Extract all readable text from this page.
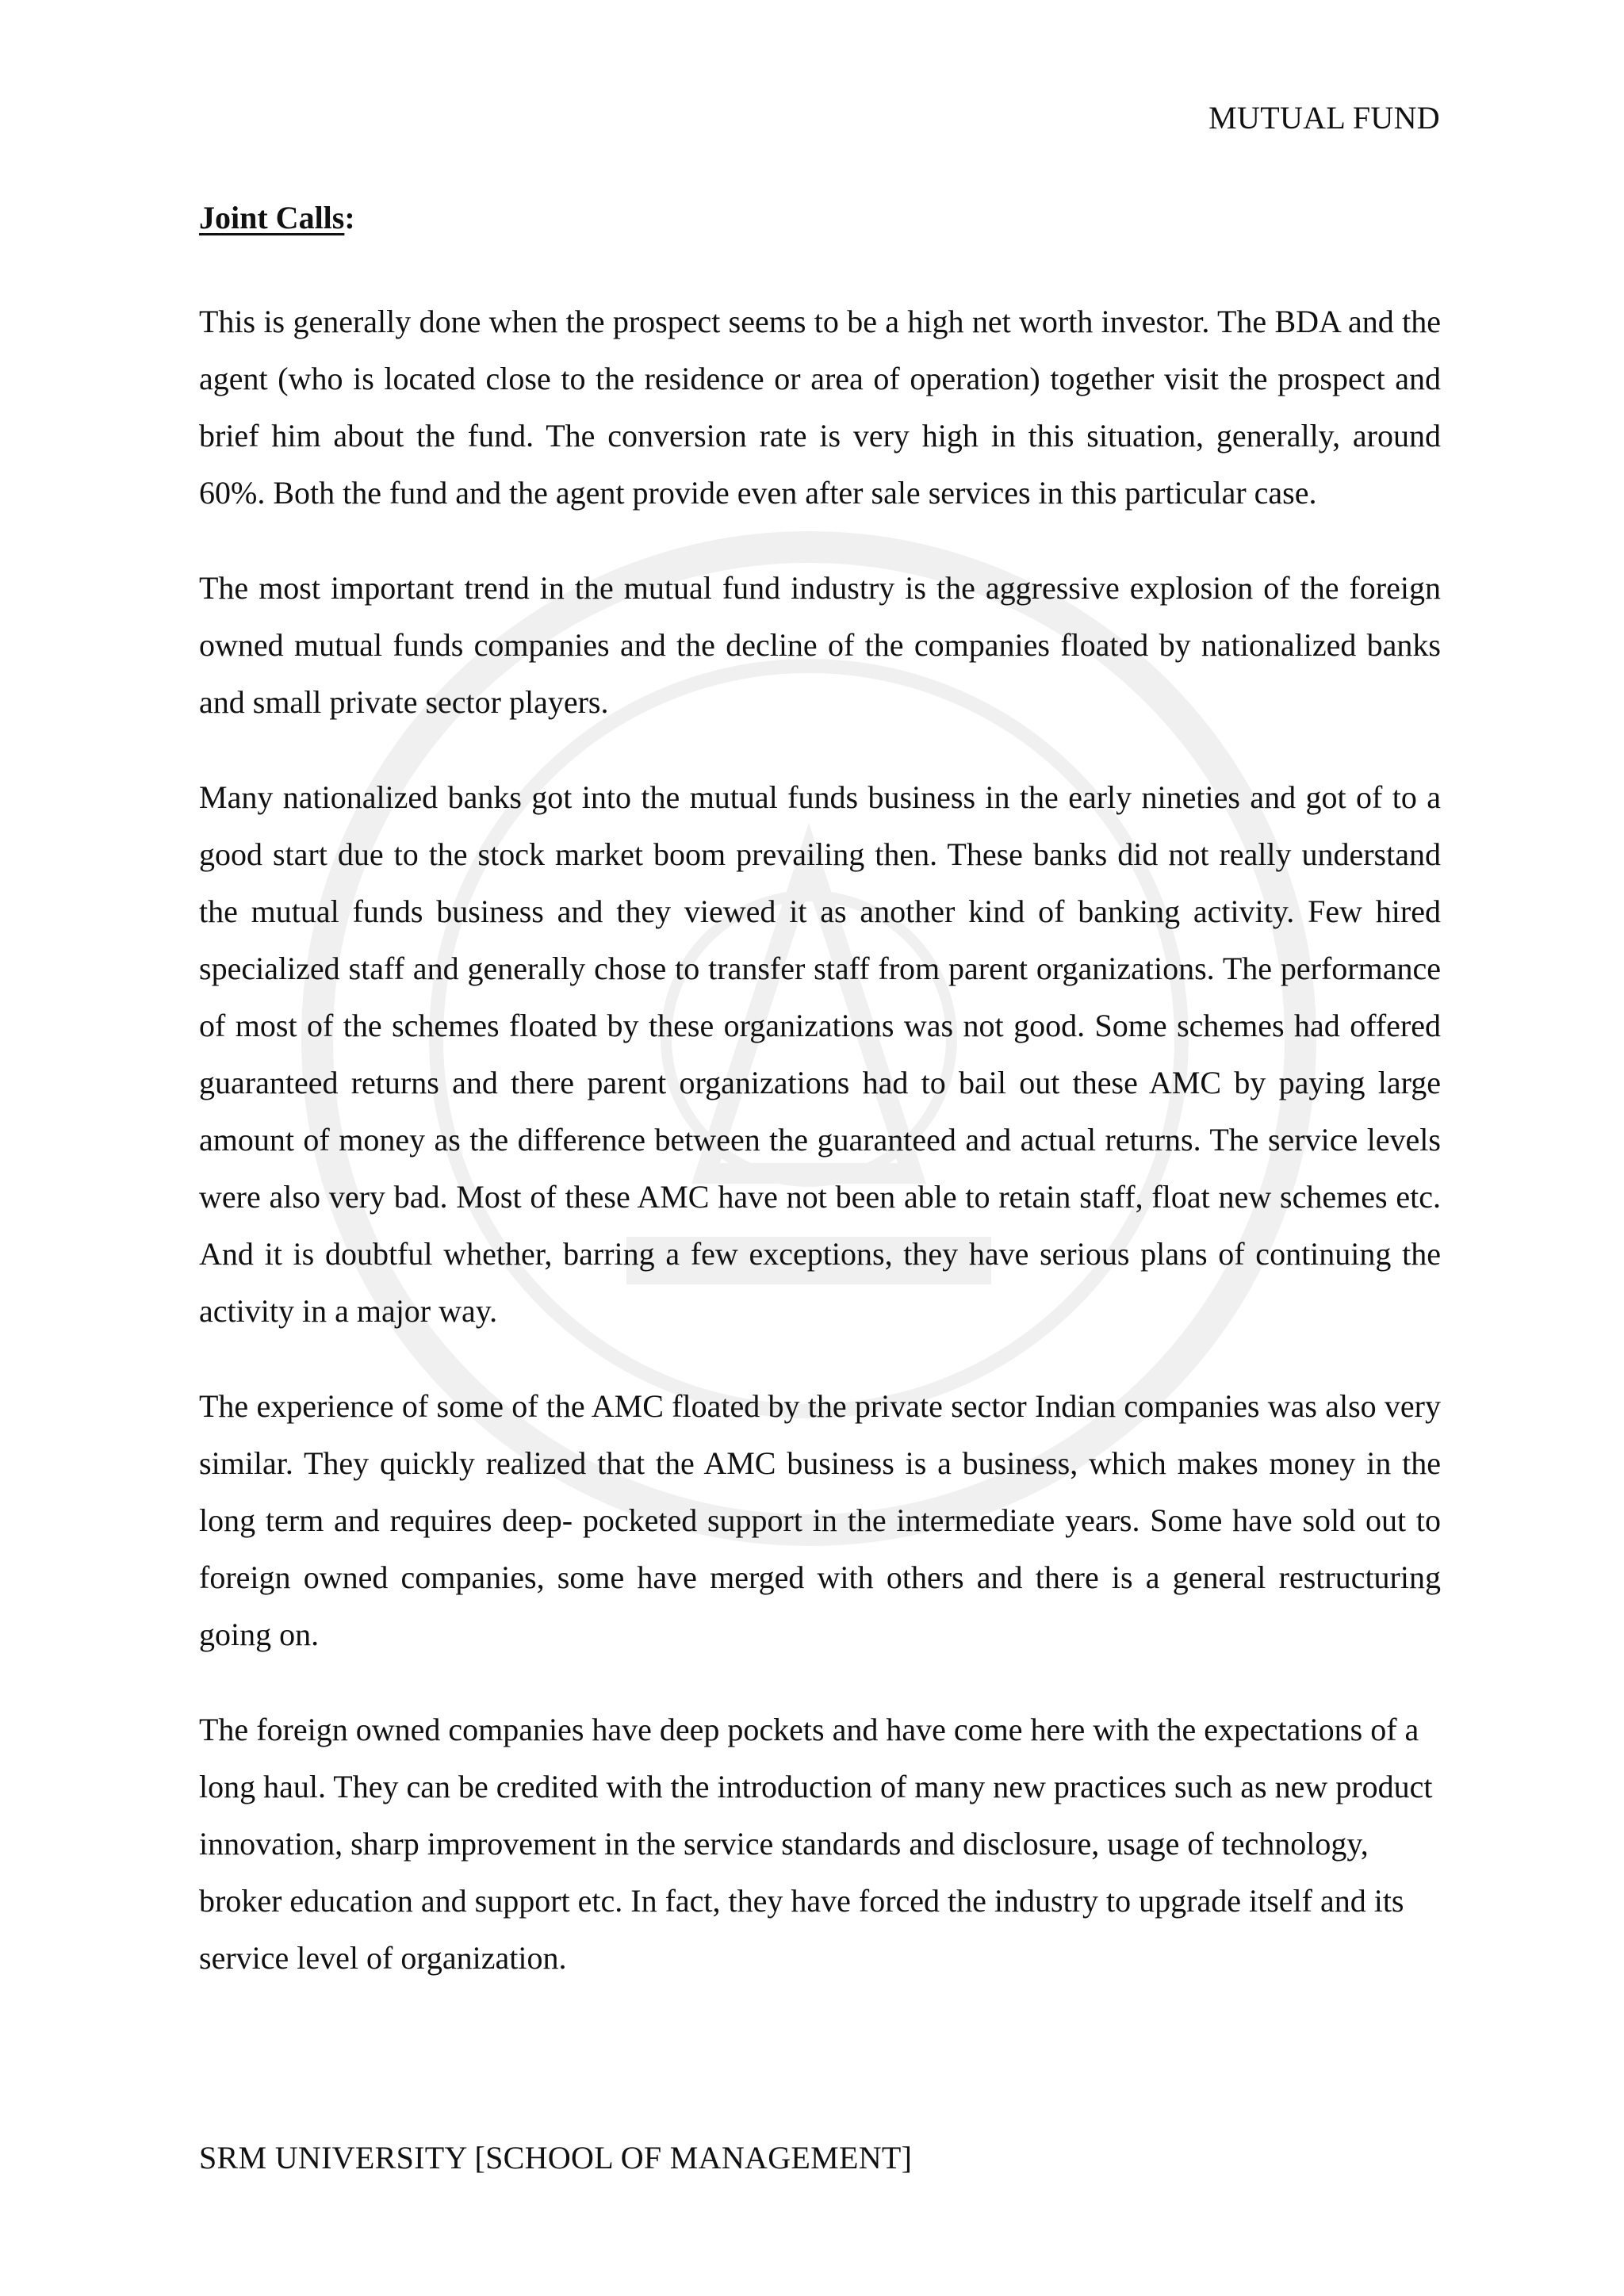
MUTUAL FUND
Joint Calls:

This is generally done when the prospect seems to be a high net worth investor. The BDA and the agent (who is located close to the residence or area of operation) together visit the prospect and brief him about the fund. The conversion rate is very high in this situation, generally, around 60%. Both the fund and the agent provide even after sale services in this particular case.

The most important trend in the mutual fund industry is the aggressive explosion of the foreign owned mutual funds companies and the decline of the companies floated by nationalized banks and small private sector players.

Many nationalized banks got into the mutual funds business in the early nineties and got of to a good start due to the stock market boom prevailing then. These banks did not really understand the mutual funds business and they viewed it as another kind of banking activity. Few hired specialized staff and generally chose to transfer staff from parent organizations. The performance of most of the schemes floated by these organizations was not good. Some schemes had offered guaranteed returns and there parent organizations had to bail out these AMC by paying large amount of money as the difference between the guaranteed and actual returns. The service levels were also very bad. Most of these AMC have not been able to retain staff, float new schemes etc. And it is doubtful whether, barring a few exceptions, they have serious plans of continuing the activity in a major way.

The experience of some of the AMC floated by the private sector Indian companies was also very similar. They quickly realized that the AMC business is a business, which makes money in the long term and requires deep- pocketed support in the intermediate years. Some have sold out to foreign owned companies, some have merged with others and there is a general restructuring going on.

The foreign owned companies have deep pockets and have come here with the expectations of a long haul. They can be credited with the introduction of many new practices such as new product innovation, sharp improvement in the service standards and disclosure, usage of technology, broker education and support etc. In fact, they have forced the industry to upgrade itself and its service level of organization.

SRM UNIVERSITY [SCHOOL OF MANAGEMENT]
